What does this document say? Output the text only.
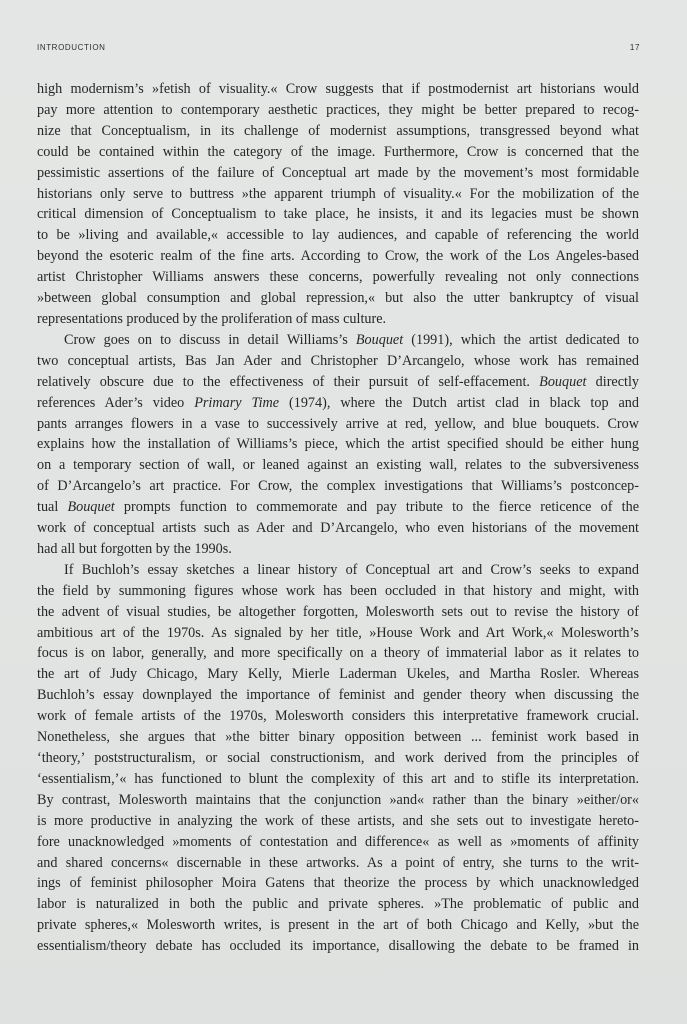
INTRODUCTION	17
high modernism’s »fetish of visuality.« Crow suggests that if postmodernist art historians would
pay more attention to contemporary aesthetic practices, they might be better prepared to recog-
nize that Conceptualism, in its challenge of modernist assumptions, transgressed beyond what
could be contained within the category of the image. Furthermore, Crow is concerned that the
pessimistic assertions of the failure of Conceptual art made by the movement’s most formidable
historians only serve to buttress »the apparent triumph of visuality.« For the mobilization of the
critical dimension of Conceptualism to take place, he insists, it and its legacies must be shown
to be »living and available,« accessible to lay audiences, and capable of referencing the world
beyond the esoteric realm of the fine arts. According to Crow, the work of the Los Angeles-based
artist Christopher Williams answers these concerns, powerfully revealing not only connections
»between global consumption and global repression,« but also the utter bankruptcy of visual
representations produced by the proliferation of mass culture.
Crow goes on to discuss in detail Williams’s Bouquet (1991), which the artist dedicated to
two conceptual artists, Bas Jan Ader and Christopher D’Arcangelo, whose work has remained
relatively obscure due to the effectiveness of their pursuit of self-effacement. Bouquet directly
references Ader’s video Primary Time (1974), where the Dutch artist clad in black top and
pants arranges flowers in a vase to successively arrive at red, yellow, and blue bouquets. Crow
explains how the installation of Williams’s piece, which the artist specified should be either hung
on a temporary section of wall, or leaned against an existing wall, relates to the subversiveness
of D’Arcangelo’s art practice. For Crow, the complex investigations that Williams’s postconcep-
tual Bouquet prompts function to commemorate and pay tribute to the fierce reticence of the
work of conceptual artists such as Ader and D’Arcangelo, who even historians of the movement
had all but forgotten by the 1990s.
If Buchloh’s essay sketches a linear history of Conceptual art and Crow’s seeks to expand
the field by summoning figures whose work has been occluded in that history and might, with
the advent of visual studies, be altogether forgotten, Molesworth sets out to revise the history of
ambitious art of the 1970s. As signaled by her title, »House Work and Art Work,« Molesworth’s
focus is on labor, generally, and more specifically on a theory of immaterial labor as it relates to
the art of Judy Chicago, Mary Kelly, Mierle Laderman Ukeles, and Martha Rosler. Whereas
Buchloh’s essay downplayed the importance of feminist and gender theory when discussing the
work of female artists of the 1970s, Molesworth considers this interpretative framework crucial.
Nonetheless, she argues that »the bitter binary opposition between ... feminist work based in
‘theory,’ poststructuralism, or social constructionism, and work derived from the principles of
‘essentialism,’« has functioned to blunt the complexity of this art and to stifle its interpretation.
By contrast, Molesworth maintains that the conjunction »and« rather than the binary »either/or«
is more productive in analyzing the work of these artists, and she sets out to investigate hereto-
fore unacknowledged »moments of contestation and difference« as well as »moments of affinity
and shared concerns« discernable in these artworks. As a point of entry, she turns to the writ-
ings of feminist philosopher Moira Gatens that theorize the process by which unacknowledged
labor is naturalized in both the public and private spheres. »The problematic of public and
private spheres,« Molesworth writes, is present in the art of both Chicago and Kelly, »but the
essentialism/theory debate has occluded its importance, disallowing the debate to be framed in
